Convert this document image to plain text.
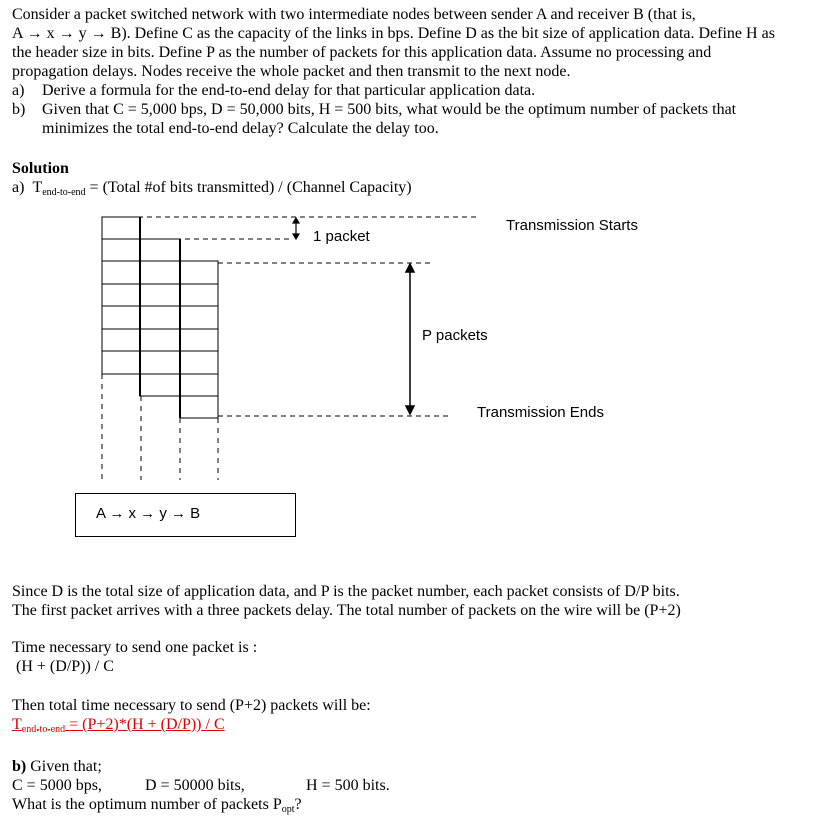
Consider a packet switched network with two intermediate nodes between sender A and receiver B (that is,
A → x → y → B). Define C as the capacity of the links in bps. Define D as the bit size of application data. Define H as
the header size in bits. Define P as the number of packets for this application data. Assume no processing and
propagation delays. Nodes receive the whole packet and then transmit to the next node.
a) Derive a formula for the end-to-end delay for that particular application data.
b) Given that C = 5,000 bps, D = 50,000 bits, H = 500 bits, what would be the optimum number of packets that
minimizes the total end-to-end delay? Calculate the delay too.
Solution
a) $T_{end-to-end}$ = (Total #of bits transmitted) / (Channel Capacity)
1 packet
Transmission Starts
P packets
Transmission Ends
A → x → y → B
Since D is the total size of application data, and P is the packet number, each packet consists of D/P bits.
The first packet arrives with a three packets delay. The total number of packets on the wire will be (P+2)
Time necessary to send one packet is :
(H + (D/P)) / C
Then total time necessary to send (P+2) packets will be:
$T_{end-to-end} = (P+2)*(H + (D/P)) / C$
b) Given that;
C = 5000 bps,	D = 50000 bits,	H = 500 bits.
What is the optimum number of packets $P_{opt}$?
